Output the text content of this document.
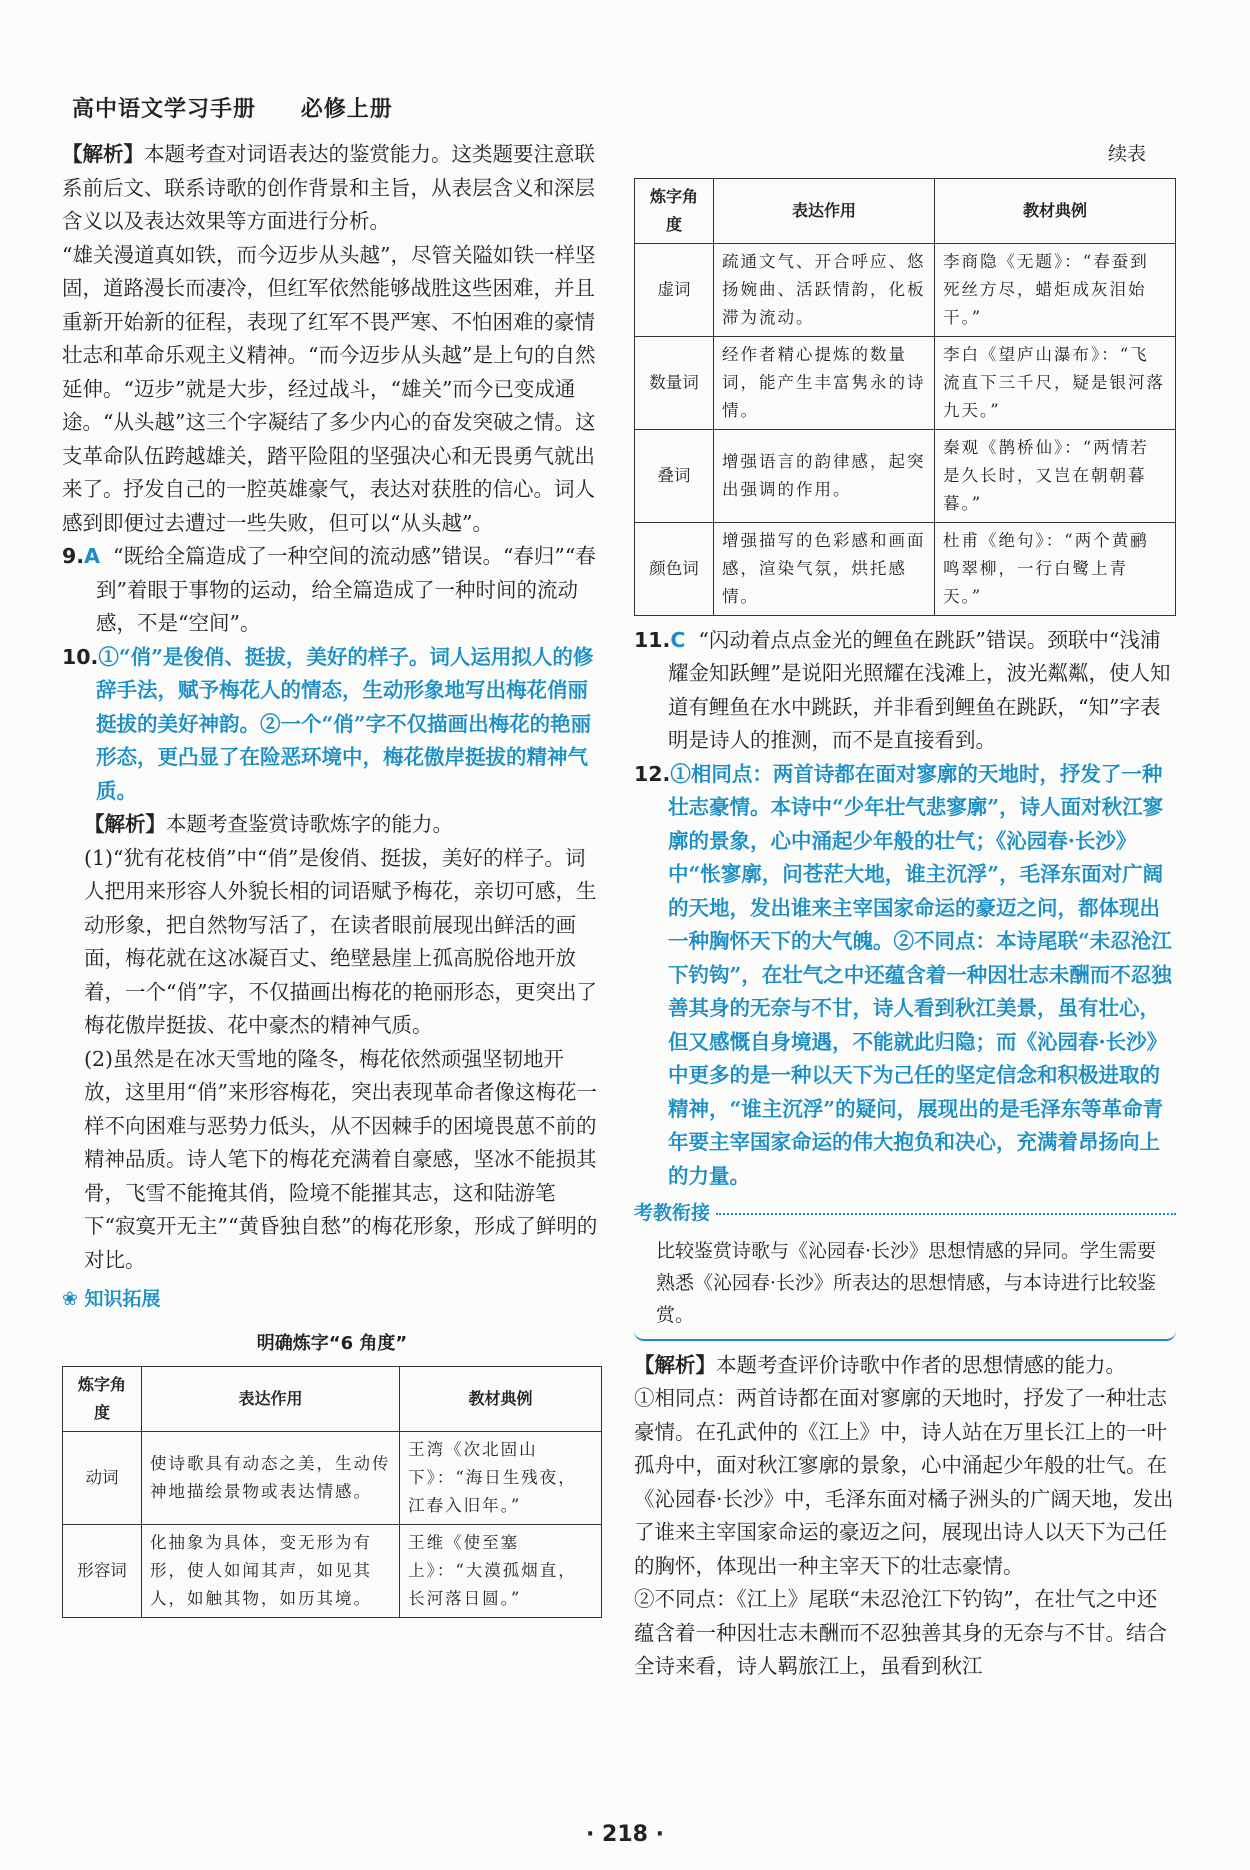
高中语文学习手册 必修上册

【解析】本题考查对词语表达的鉴赏能力。这类题要注意联系前后文、联系诗歌的创作背景和主旨，从表层含义和深层含义以及表达效果等方面进行分析。

“雄关漫道真如铁，而今迈步从头越”，尽管关隘如铁一样坚固，道路漫长而凄冷，但红军依然能够战胜这些困难，并且重新开始新的征程，表现了红军不畏严寒、不怕困难的豪情壮志和革命乐观主义精神。“而今迈步从头越”是上句的自然延伸。“迈步”就是大步，经过战斗，“雄关”而今已变成通途。“从头越”这三个字凝结了多少内心的奋发突破之情。这支革命队伍跨越雄关，踏平险阻的坚强决心和无畏勇气就出来了。抒发自己的一腔英雄豪气，表达对获胜的信心。词人感到即便过去遭过一些失败，但可以“从头越”。

9.A “既给全篇造成了一种空间的流动感”错误。“春归”“春到”着眼于事物的运动，给全篇造成了一种时间的流动感，不是“空间”。

10.①“俏”是俊俏、挺拔，美好的样子。词人运用拟人的修辞手法，赋予梅花人的情态，生动形象地写出梅花俏丽挺拔的美好神韵。②一个“俏”字不仅描画出梅花的艳丽形态，更凸显了在险恶环境中，梅花傲岸挺拔的精神气质。

【解析】本题考查鉴赏诗歌炼字的能力。

(1)“犹有花枝俏”中“俏”是俊俏、挺拔，美好的样子。词人把用来形容人外貌长相的词语赋予梅花，亲切可感，生动形象，把自然物写活了，在读者眼前展现出鲜活的画面，梅花就在这冰凝百丈、绝壁悬崖上孤高脱俗地开放着，一个“俏”字，不仅描画出梅花的艳丽形态，更突出了梅花傲岸挺拔、花中豪杰的精神气质。

(2)虽然是在冰天雪地的隆冬，梅花依然顽强坚韧地开放，这里用“俏”来形容梅花，突出表现革命者像这梅花一样不向困难与恶势力低头，从不因棘手的困境畏葸不前的精神品质。诗人笔下的梅花充满着自豪感，坚冰不能损其骨，飞雪不能掩其俏，险境不能摧其志，这和陆游笔下“寂寞开无主”“黄昏独自愁”的梅花形象，形成了鲜明的对比。

❀ 知识拓展
明确炼字“6 角度”
炼字角度	表达作用	教材典例
动词	使诗歌具有动态之美，生动传神地描绘景物或表达情感。	王湾《次北固山下》：“海日生残夜，江春入旧年。”
形容词	化抽象为具体，变无形为有形，使人如闻其声，如见其人，如触其物，如历其境。	王维《使至塞上》：“大漠孤烟直，长河落日圆。”
续表
炼字角度	表达作用	教材典例
虚词	疏通文气、开合呼应、悠扬婉曲、活跃情韵，化板滞为流动。	李商隐《无题》：“春蚕到死丝方尽，蜡炬成灰泪始干。”
数量词	经作者精心提炼的数量词，能产生丰富隽永的诗情。	李白《望庐山瀑布》：“飞流直下三千尺，疑是银河落九天。”
叠词	增强语言的韵律感，起突出强调的作用。	秦观《鹊桥仙》：“两情若是久长时，又岂在朝朝暮暮。”
颜色词	增强描写的色彩感和画面感，渲染气氛，烘托感情。	杜甫《绝句》：“两个黄鹂鸣翠柳，一行白鹭上青天。”

11.C “闪动着点点金光的鲤鱼在跳跃”错误。颈联中“浅浦耀金知跃鲤”是说阳光照耀在浅滩上，波光粼粼，使人知道有鲤鱼在水中跳跃，并非看到鲤鱼在跳跃，“知”字表明是诗人的推测，而不是直接看到。

12.①相同点：两首诗都在面对寥廓的天地时，抒发了一种壮志豪情。本诗中“少年壮气悲寥廓”，诗人面对秋江寥廓的景象，心中涌起少年般的壮气；《沁园春·长沙》中“怅寥廓，问苍茫大地，谁主沉浮”，毛泽东面对广阔的天地，发出谁来主宰国家命运的豪迈之问，都体现出一种胸怀天下的大气魄。②不同点：本诗尾联“未忍沧江下钓钩”，在壮气之中还蕴含着一种因壮志未酬而不忍独善其身的无奈与不甘，诗人看到秋江美景，虽有壮心，但又感慨自身境遇，不能就此归隐；而《沁园春·长沙》中更多的是一种以天下为己任的坚定信念和积极进取的精神，“谁主沉浮”的疑问，展现出的是毛泽东等革命青年要主宰国家命运的伟大抱负和决心，充满着昂扬向上的力量。

考教衔接
比较鉴赏诗歌与《沁园春·长沙》思想情感的异同。学生需要熟悉《沁园春·长沙》所表达的思想情感，与本诗进行比较鉴赏。

【解析】本题考查评价诗歌中作者的思想情感的能力。

①相同点：两首诗都在面对寥廓的天地时，抒发了一种壮志豪情。在孔武仲的《江上》中，诗人站在万里长江上的一叶孤舟中，面对秋江寥廓的景象，心中涌起少年般的壮气。在《沁园春·长沙》中，毛泽东面对橘子洲头的广阔天地，发出了谁来主宰国家命运的豪迈之问，展现出诗人以天下为己任的胸怀，体现出一种主宰天下的壮志豪情。

②不同点：《江上》尾联“未忍沧江下钓钩”，在壮气之中还蕴含着一种因壮志未酬而不忍独善其身的无奈与不甘。结合全诗来看，诗人羁旅江上，虽看到秋江

· 218 ·
